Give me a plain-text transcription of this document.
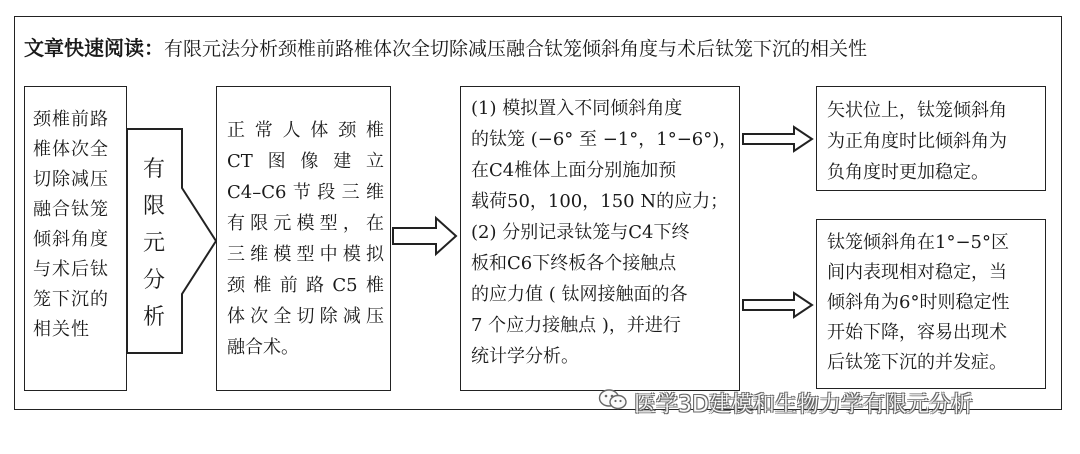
文章快速阅读：有限元法分析颈椎前路椎体次全切除减压融合钛笼倾斜角度与术后钛笼下沉的相关性
颈椎前路
椎体次全
切除减压
融合钛笼
倾斜角度
与术后钛
笼下沉的
相关性
有
限
元
分
析
正常人体颈椎
CT图像建立
C4–C6节段三维
有限元模型，在
三维模型中模拟
颈椎前路C5椎
体次全切除减压
融合术。
(1) 模拟置入不同倾斜角度
的钛笼 (−6° 至 −1°，1°−6°)，
在C4椎体上面分别施加预
载荷50，100，150 N的应力；
(2) 分别记录钛笼与C4下终
板和C6下终板各个接触点
的应力值 ( 钛网接触面的各
7 个应力接触点 )，并进行
统计学分析。
矢状位上，钛笼倾斜角
为正角度时比倾斜角为
负角度时更加稳定。
钛笼倾斜角在1°−5°区
间内表现相对稳定，当
倾斜角为6°时则稳定性
开始下降，容易出现术
后钛笼下沉的并发症。
医学3D建模和生物力学有限元分析
